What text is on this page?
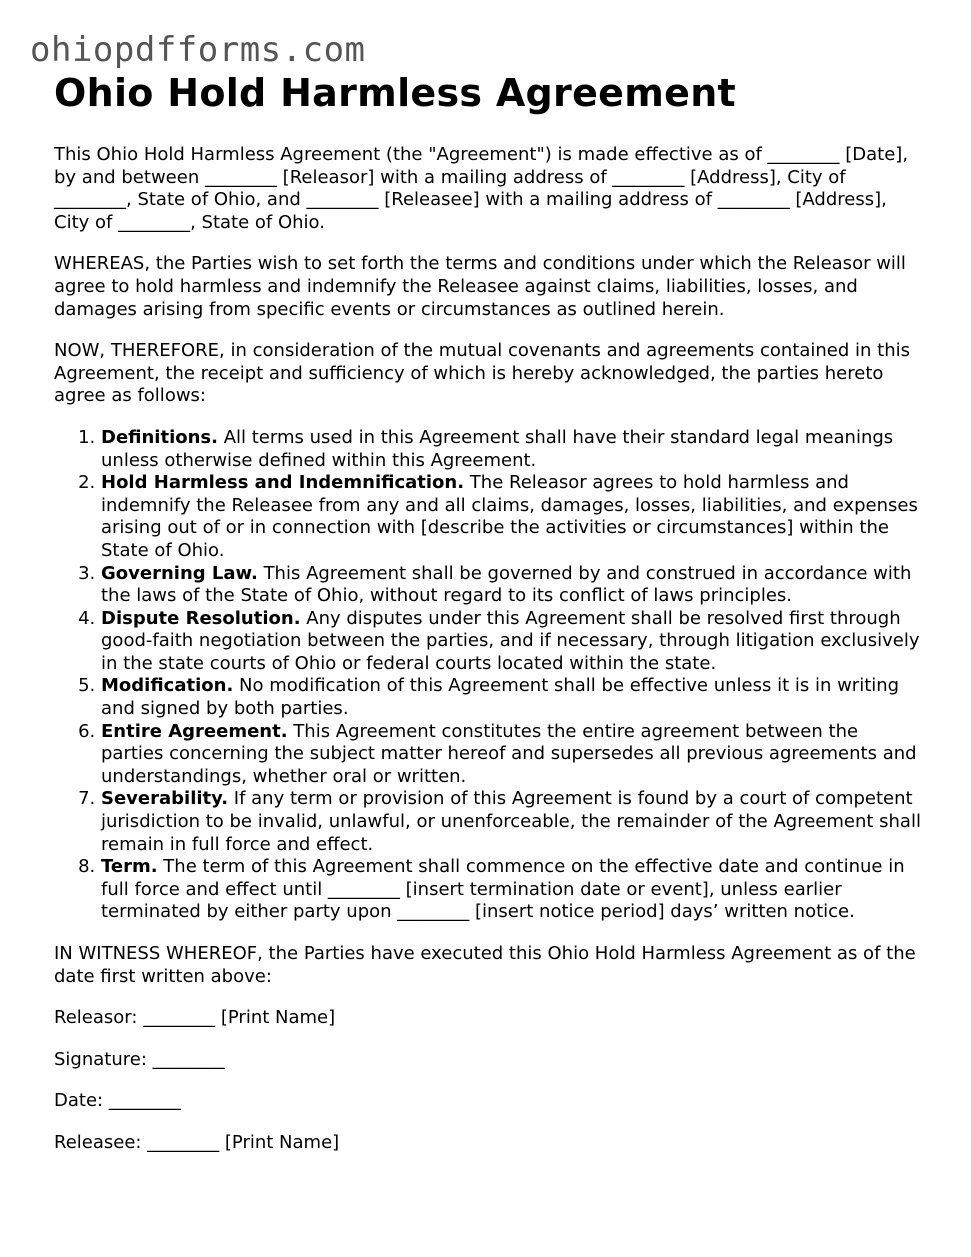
ohiopdfforms.com
Ohio Hold Harmless Agreement

This Ohio Hold Harmless Agreement (the "Agreement") is made effective as of ________ [Date], by and between ________ [Releasor] with a mailing address of ________ [Address], City of ________, State of Ohio, and ________ [Releasee] with a mailing address of ________ [Address], City of ________, State of Ohio.

WHEREAS, the Parties wish to set forth the terms and conditions under which the Releasor will agree to hold harmless and indemnify the Releasee against claims, liabilities, losses, and damages arising from specific events or circumstances as outlined herein.

NOW, THEREFORE, in consideration of the mutual covenants and agreements contained in this Agreement, the receipt and sufficiency of which is hereby acknowledged, the parties hereto agree as follows:

1. Definitions. All terms used in this Agreement shall have their standard legal meanings unless otherwise defined within this Agreement.
2. Hold Harmless and Indemnification. The Releasor agrees to hold harmless and indemnify the Releasee from any and all claims, damages, losses, liabilities, and expenses arising out of or in connection with [describe the activities or circumstances] within the State of Ohio.
3. Governing Law. This Agreement shall be governed by and construed in accordance with the laws of the State of Ohio, without regard to its conflict of laws principles.
4. Dispute Resolution. Any disputes under this Agreement shall be resolved first through good-faith negotiation between the parties, and if necessary, through litigation exclusively in the state courts of Ohio or federal courts located within the state.
5. Modification. No modification of this Agreement shall be effective unless it is in writing and signed by both parties.
6. Entire Agreement. This Agreement constitutes the entire agreement between the parties concerning the subject matter hereof and supersedes all previous agreements and understandings, whether oral or written.
7. Severability. If any term or provision of this Agreement is found by a court of competent jurisdiction to be invalid, unlawful, or unenforceable, the remainder of the Agreement shall remain in full force and effect.
8. Term. The term of this Agreement shall commence on the effective date and continue in full force and effect until ________ [insert termination date or event], unless earlier terminated by either party upon ________ [insert notice period] days’ written notice.

IN WITNESS WHEREOF, the Parties have executed this Ohio Hold Harmless Agreement as of the date first written above:

Releasor: ________ [Print Name]

Signature: ________

Date: ________

Releasee: ________ [Print Name]
